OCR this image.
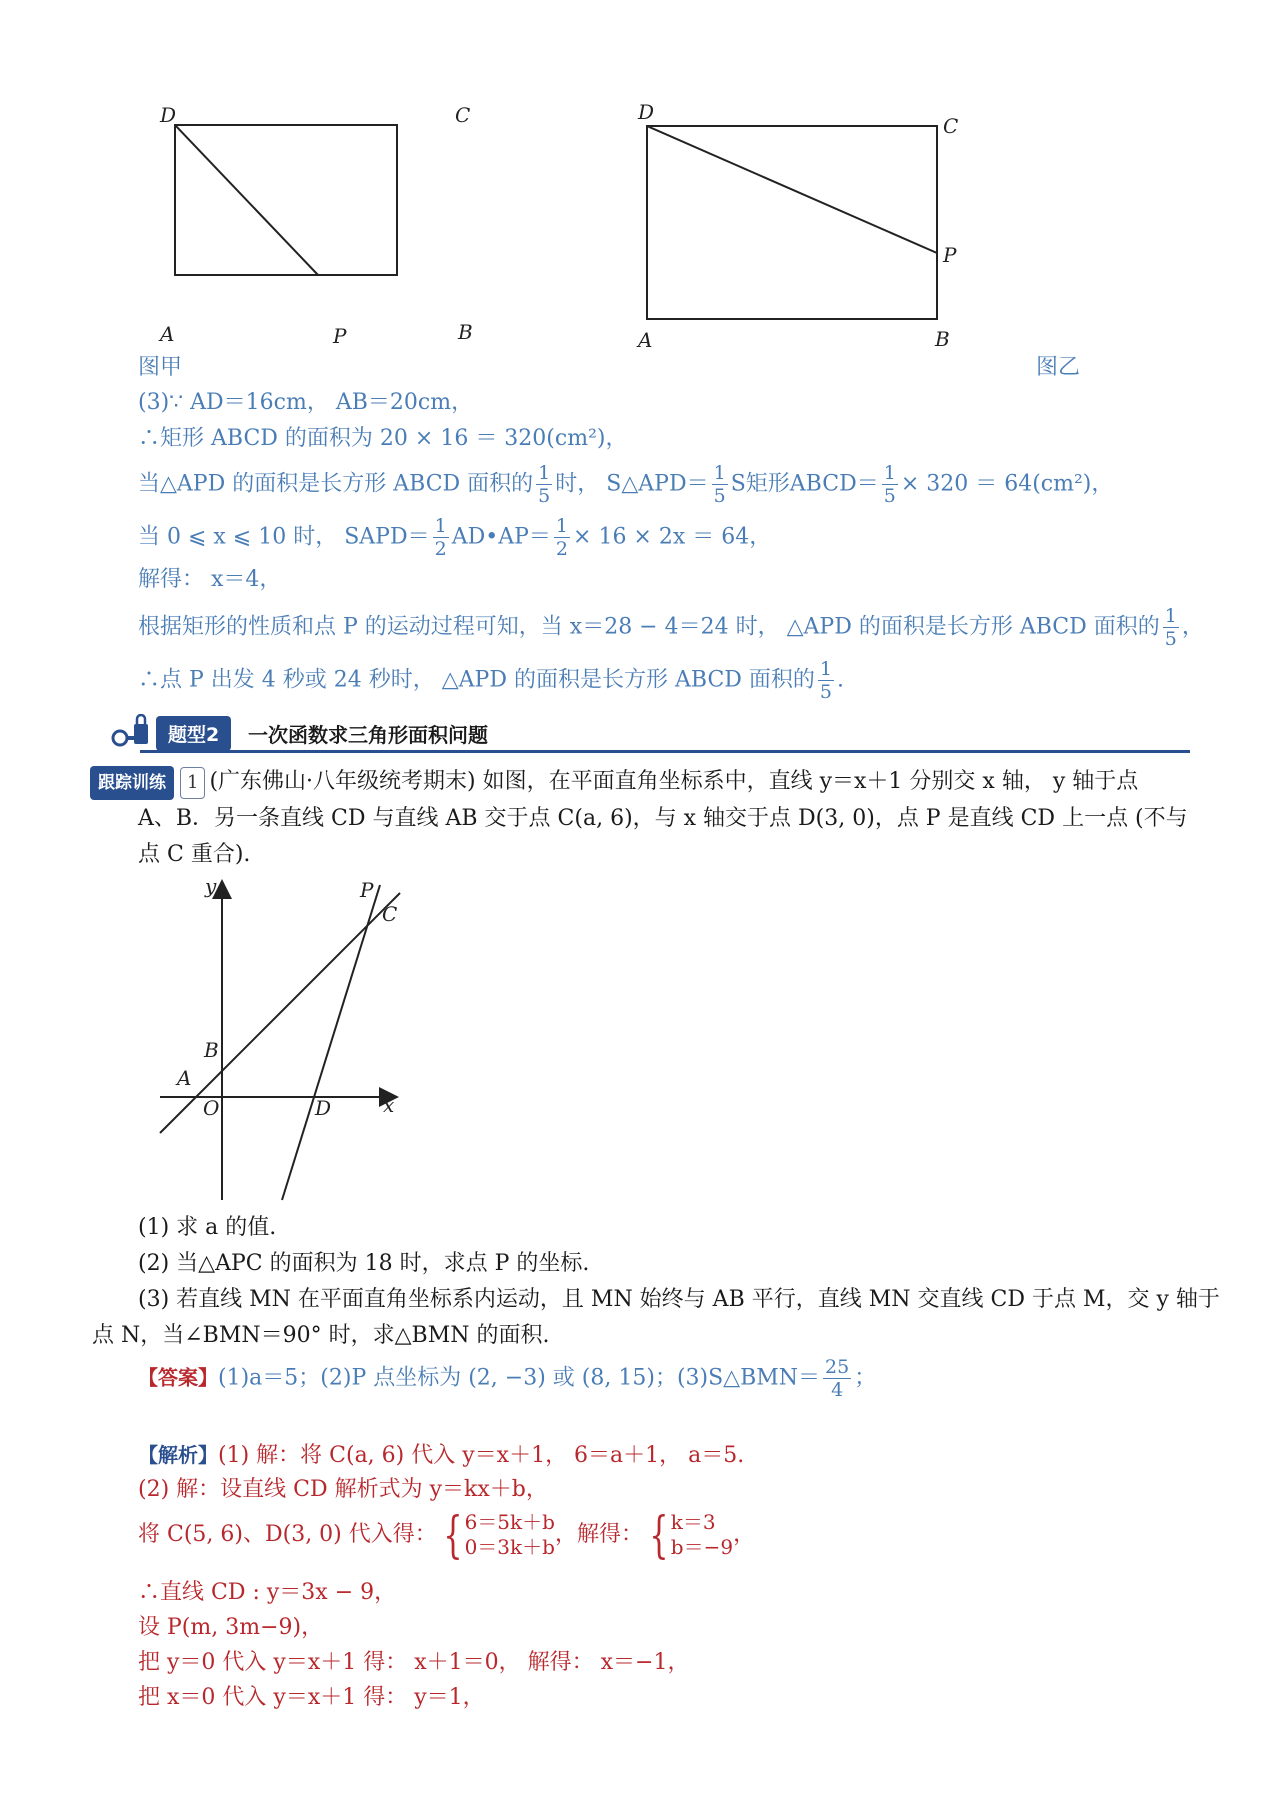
D	C
A	P	B
D
C
P
A	B
图甲	图乙
(3)∵ AD＝16cm， AB＝20cm，
∴矩形 ABCD 的面积为 20 × 16 ＝ 320(cm²)，
当△APD 的面积是长方形 ABCD 面积的 $\frac{1}{5}$ 时， S△APD＝ $\frac{1}{5}$ S矩形ABCD＝ $\frac{1}{5} \times 320 = 64(cm^2)$，
当 0 ⩽ x ⩽ 10 时， SAPD＝ $\frac{1}{2}$ AD•AP＝ $\frac{1}{2} \times 16 \times 2x = 64$，
解得： x＝4，
根据矩形的性质和点 P 的运动过程可知，当 x＝28 − 4＝24 时， △APD 的面积是长方形 ABCD 面积的 $\frac{1}{5}$ ，
∴点 P 出发 4 秒或 24 秒时， △APD 的面积是长方形 ABCD 面积的 $\frac{1}{5}$ .
题型2	一次函数求三角形面积问题
跟踪训练 1 (广东佛山·八年级统考期末) 如图，在平面直角坐标系中，直线 y＝x＋1 分别交 x 轴， y 轴于点
A、B．另一条直线 CD 与直线 AB 交于点 C(a, 6)，与 x 轴交于点 D(3, 0)，点 P 是直线 CD 上一点 (不与
点 C 重合).
y	P
C
B
A
O	D	x
(1) 求 a 的值.
(2) 当△APC 的面积为 18 时，求点 P 的坐标.
(3) 若直线 MN 在平面直角坐标系内运动，且 MN 始终与 AB 平行，直线 MN 交直线 CD 于点 M，交 y 轴于
点 N，当∠BMN＝90° 时，求△BMN 的面积.
【答案】(1)a＝5；(2)P 点坐标为 (2, −3) 或 (8, 15)；(3)S△BMN＝ $\frac{25}{4}$ ；
【解析】(1) 解：将 C(a, 6) 代入 y＝x＋1， 6＝a＋1， a＝5.
(2) 解：设直线 CD 解析式为 y＝kx＋b，
将 C(5, 6)、D(3, 0) 代入得： { 6＝5k＋b
0＝3k＋b ，解得： { k＝3
b＝−9 ，
∴直线 CD : y＝3x − 9，
设 P(m, 3m−9)，
把 y＝0 代入 y＝x＋1 得： x＋1＝0， 解得： x＝−1，
把 x＝0 代入 y＝x＋1 得： y＝1，
